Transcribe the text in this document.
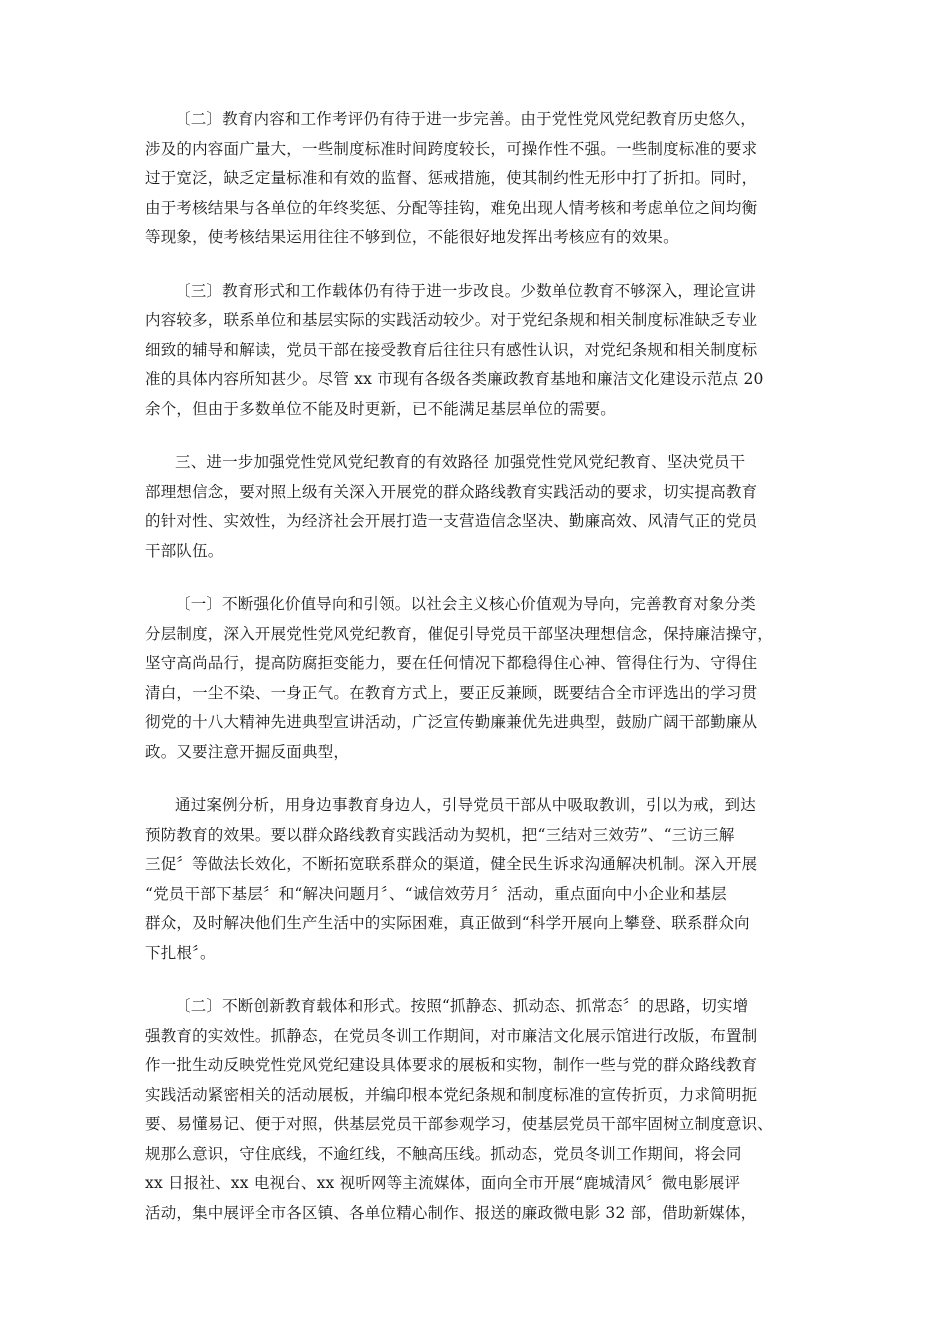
〔二〕教育内容和工作考评仍有待于进一步完善。由于党性党风党纪教育历史悠久，
涉及的内容面广量大，一些制度标准时间跨度较长，可操作性不强。一些制度标准的要求
过于宽泛，缺乏定量标准和有效的监督、惩戒措施，使其制约性无形中打了折扣。同时，
由于考核结果与各单位的年终奖惩、分配等挂钩，难免出现人情考核和考虑单位之间均衡
等现象，使考核结果运用往往不够到位，不能很好地发挥出考核应有的效果。
〔三〕教育形式和工作载体仍有待于进一步改良。少数单位教育不够深入，理论宣讲
内容较多，联系单位和基层实际的实践活动较少。对于党纪条规和相关制度标准缺乏专业
细致的辅导和解读，党员干部在接受教育后往往只有感性认识，对党纪条规和相关制度标
准的具体内容所知甚少。尽管 xx 市现有各级各类廉政教育基地和廉洁文化建设示范点 20
余个，但由于多数单位不能及时更新，已不能满足基层单位的需要。
三、进一步加强党性党风党纪教育的有效路径 加强党性党风党纪教育、坚决党员干
部理想信念，要对照上级有关深入开展党的群众路线教育实践活动的要求，切实提高教育
的针对性、实效性，为经济社会开展打造一支营造信念坚决、勤廉高效、风清气正的党员
干部队伍。
〔一〕不断强化价值导向和引领。以社会主义核心价值观为导向，完善教育对象分类
分层制度，深入开展党性党风党纪教育，催促引导党员干部坚决理想信念，保持廉洁操守，
坚守高尚品行，提高防腐拒变能力，要在任何情况下都稳得住心神、管得住行为、守得住
清白，一尘不染、一身正气。在教育方式上，要正反兼顾，既要结合全市评选出的学习贯
彻党的十八大精神先进典型宣讲活动，广泛宣传勤廉兼优先进典型，鼓励广阔干部勤廉从
政。又要注意开掘反面典型，
通过案例分析，用身边事教育身边人，引导党员干部从中吸取教训，引以为戒，到达
预防教育的效果。要以群众路线教育实践活动为契机，把“三结对三效劳”、“三访三解
三促〞等做法长效化，不断拓宽联系群众的渠道，健全民生诉求沟通解决机制。深入开展
“党员干部下基层〞和“解决问题月〞、“诚信效劳月〞活动，重点面向中小企业和基层
群众，及时解决他们生产生活中的实际困难，真正做到“科学开展向上攀登、联系群众向
下扎根〞。
〔二〕不断创新教育载体和形式。按照“抓静态、抓动态、抓常态〞的思路，切实增
强教育的实效性。抓静态，在党员冬训工作期间，对市廉洁文化展示馆进行改版，布置制
作一批生动反映党性党风党纪建设具体要求的展板和实物，制作一些与党的群众路线教育
实践活动紧密相关的活动展板，并编印根本党纪条规和制度标准的宣传折页，力求简明扼
要、易懂易记、便于对照，供基层党员干部参观学习，使基层党员干部牢固树立制度意识、
规那么意识，守住底线，不逾红线，不触高压线。抓动态，党员冬训工作期间，将会同
xx 日报社、xx 电视台、xx 视听网等主流媒体，面向全市开展“鹿城清风〞微电影展评
活动，集中展评全市各区镇、各单位精心制作、报送的廉政微电影 32 部，借助新媒体，
